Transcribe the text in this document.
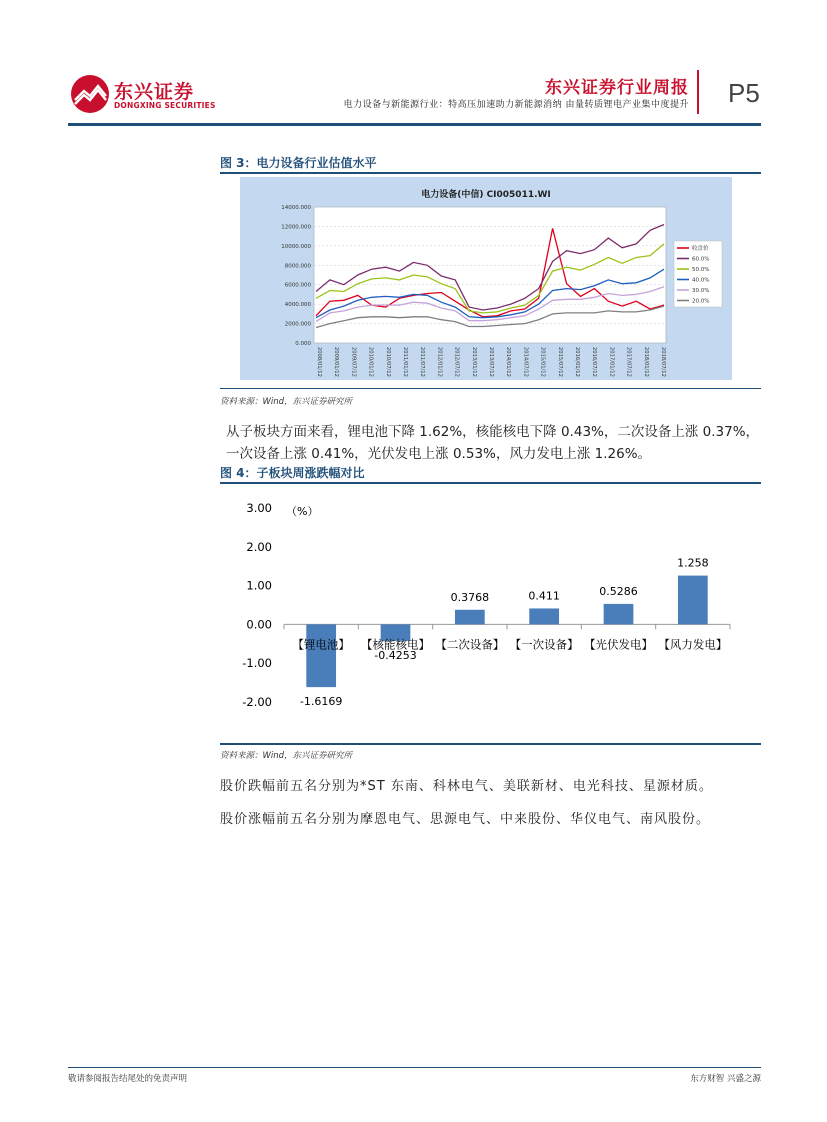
东兴证券
DONGXING SECURITIES
东兴证券行业周报
电力设备与新能源行业：特高压加速助力新能源消纳 由量转质锂电产业集中度提升 P5
图 3：电力设备行业估值水平
电力设备(中信) CI005011.WI
0.000
2000.000
4000.000
6000.000
8000.000
10000.000
12000.000
14000.000
2008/01/12 2009/01/12 2009/07/12 2010/01/12 2010/07/12 2011/01/12 2011/07/12 2012/01/12 2012/07/12 2013/01/12 2013/07/12 2014/01/12 2014/07/12 2015/01/12 2015/07/12 2016/01/12 2016/07/12 2017/01/12 2017/07/12 2018/01/12 2018/07/12
收盘价
60.0%
50.0%
40.0%
30.0%
20.0%
资料来源：Wind，东兴证券研究所
从子板块方面来看，锂电池下降 1.62%，核能核电下降 0.43%，二次设备上涨 0.37%，
一次设备上涨 0.41%，光伏发电上涨 0.53%，风力发电上涨 1.26%。
图 4：子板块周涨跌幅对比
（%）
3.00
2.00
1.00
0.00
-1.00
-2.00	-1.6169
【锂电池】
-0.4253
【核能核电】
0.3768
【二次设备】
0.411
【一次设备】
0.5286
【光伏发电】
1.258
【风力发电】
资料来源：Wind，东兴证券研究所
股价跌幅前五名分别为*ST 东南、科林电气、美联新材、电光科技、星源材质。
股价涨幅前五名分别为摩恩电气、思源电气、中来股份、华仪电气、南风股份。
敬请参阅报告结尾处的免责声明	东方财智 兴盛之源
